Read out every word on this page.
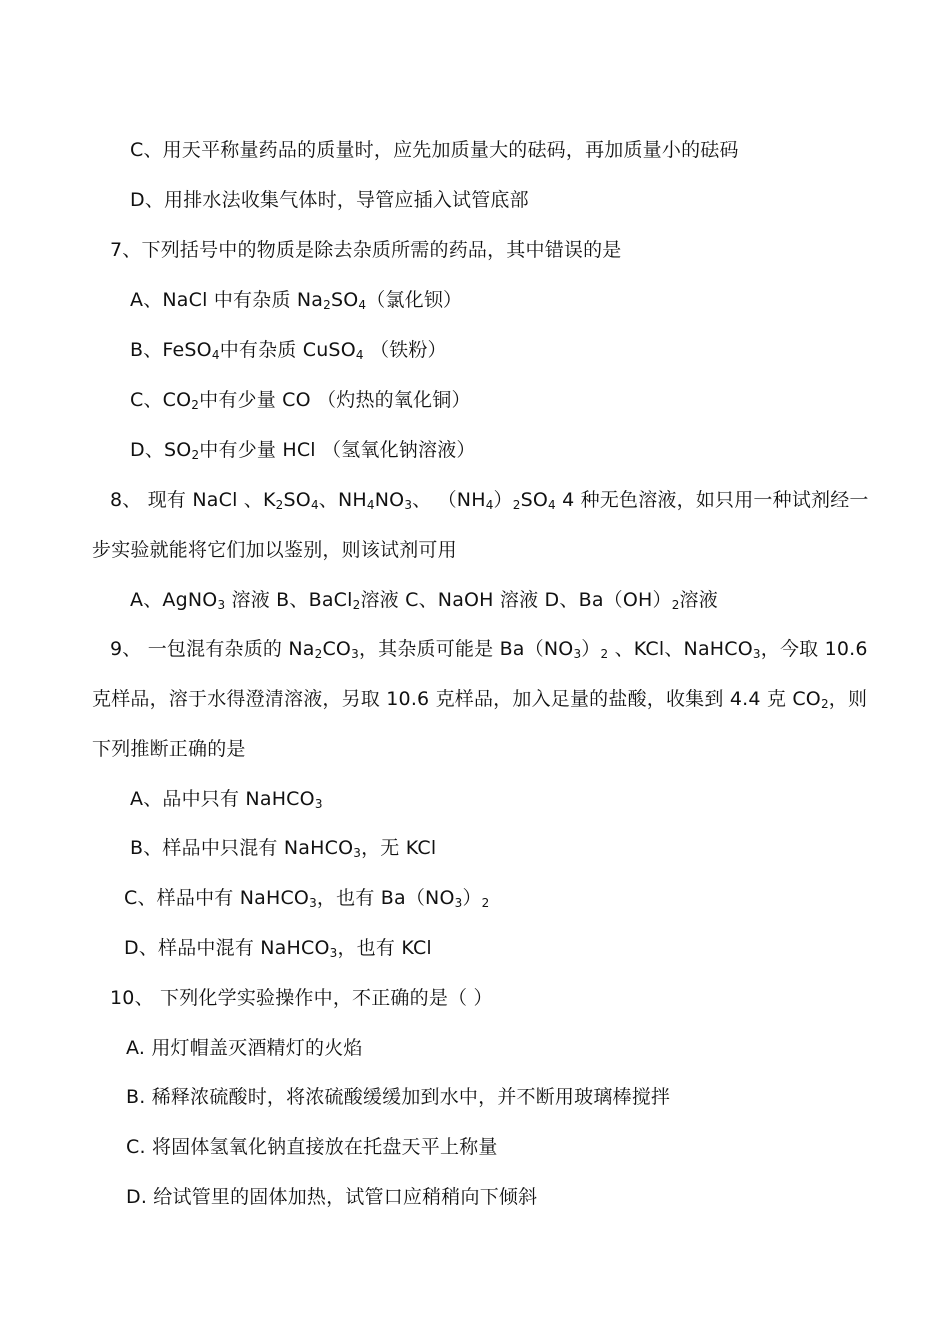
C、用天平称量药品的质量时，应先加质量大的砝码，再加质量小的砝码
D、用排水法收集气体时，导管应插入试管底部
7、下列括号中的物质是除去杂质所需的药品，其中错误的是
A、NaCl 中有杂质 $Na_2SO_4$（氯化钡）
B、FeSO$_4$中有杂质 CuSO$_4$ （铁粉）
C、$CO_2$中有少量 CO （灼热的氧化铜）
D、$SO_2$中有少量 HCl （氢氧化钠溶液）
8、 现有 NaCl 、$K_2SO_4$、$NH_4NO_3$、 $(NH_4)_2SO_4$ 4 种无色溶液，如只用一种试剂经一
步实验就能将它们加以鉴别，则该试剂可用
A、AgNO$_3$ 溶液 B、BaCl$_2$溶液 C、NaOH 溶液 D、$Ba(OH)_2$溶液
9、 一包混有杂质的 $Na_2CO_3$，其杂质可能是 $Ba(NO_3)_2$ 、KCl、NaHCO$_3$，今取 10.6
克样品，溶于水得澄清溶液，另取 10.6 克样品，加入足量的盐酸，收集到 4.4 克 $CO_2$，则
下列推断正确的是
A、品中只有 NaHCO$_3$
B、样品中只混有 NaHCO$_3$，无 KCl
C、样品中有 NaHCO$_3$，也有 $Ba(NO_3)_2$
D、样品中混有 NaHCO$_3$，也有 KCl
10、 下列化学实验操作中，不正确的是（ ）
A. 用灯帽盖灭酒精灯的火焰
B. 稀释浓硫酸时，将浓硫酸缓缓加到水中，并不断用玻璃棒搅拌
C. 将固体氢氧化钠直接放在托盘天平上称量
D. 给试管里的固体加热，试管口应稍稍向下倾斜
